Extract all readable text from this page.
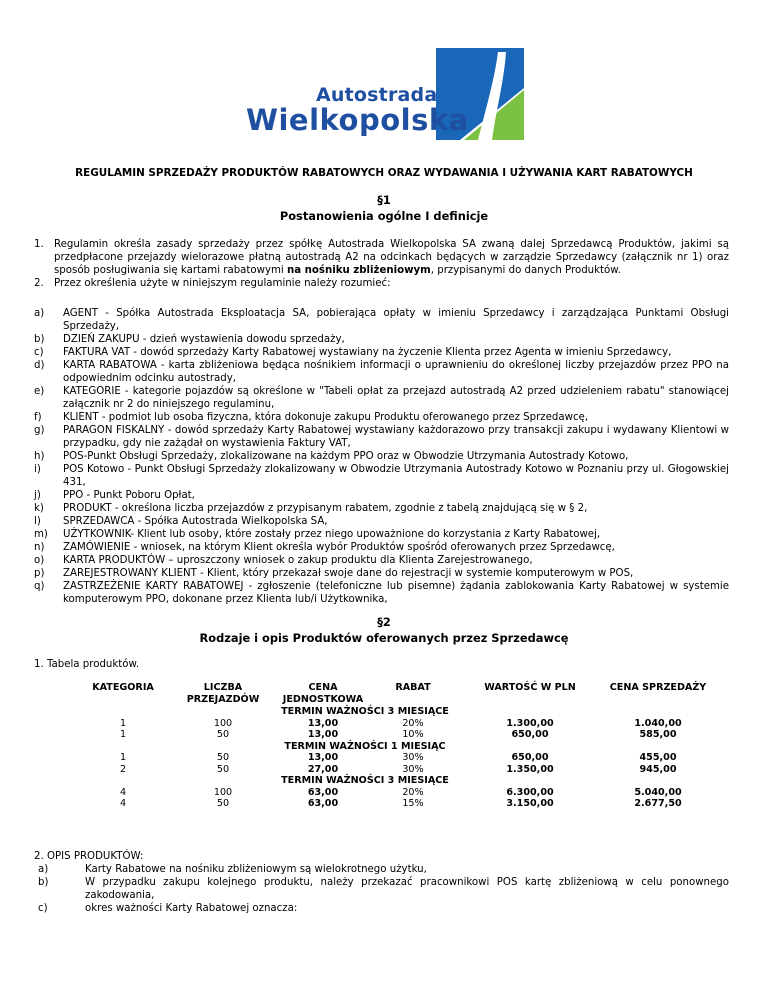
Autostrada
Wielkopolska
REGULAMIN SPRZEDAŻY PRODUKTÓW RABATOWYCH ORAZ WYDAWANIA I UŻYWANIA KART RABATOWYCH
§1
Postanowienia ogólne I definicje
1. Regulamin określa zasady sprzedaży przez spółkę Autostrada Wielkopolska SA zwaną dalej Sprzedawcą Produktów, jakimi są przedpłacone przejazdy wielorazowe płatną autostradą A2 na odcinkach będących w zarządzie Sprzedawcy (załącznik nr 1) oraz sposób posługiwania się kartami rabatowymi na nośniku zbliżeniowym, przypisanymi do danych Produktów.
2. Przez określenia użyte w niniejszym regulaminie należy rozumieć:
a) AGENT - Spółka Autostrada Eksploatacja SA, pobierająca opłaty w imieniu Sprzedawcy i zarządzająca Punktami Obsługi Sprzedaży,
b) DZIEŃ ZAKUPU - dzień wystawienia dowodu sprzedaży,
c) FAKTURA VAT - dowód sprzedaży Karty Rabatowej wystawiany na życzenie Klienta przez Agenta w imieniu Sprzedawcy,
d) KARTA RABATOWA - karta zbliżeniowa będąca nośnikiem informacji o uprawnieniu do określonej liczby przejazdów przez PPO na odpowiednim odcinku autostrady,
e) KATEGORIE - kategorie pojazdów są określone w "Tabeli opłat za przejazd autostradą A2 przed udzieleniem rabatu" stanowiącej załącznik nr 2 do niniejszego regulaminu,
f) KLIENT - podmiot lub osoba fizyczna, która dokonuje zakupu Produktu oferowanego przez Sprzedawcę,
g) PARAGON FISKALNY - dowód sprzedaży Karty Rabatowej wystawiany każdorazowo przy transakcji zakupu i wydawany Klientowi w przypadku, gdy nie zażądał on wystawienia Faktury VAT,
h) POS-Punkt Obsługi Sprzedaży, zlokalizowane na każdym PPO oraz w Obwodzie Utrzymania Autostrady Kotowo,
i) POS Kotowo - Punkt Obsługi Sprzedaży zlokalizowany w Obwodzie Utrzymania Autostrady Kotowo w Poznaniu przy ul. Głogowskiej 431,
j) PPO - Punkt Poboru Opłat,
k) PRODUKT - określona liczba przejazdów z przypisanym rabatem, zgodnie z tabelą znajdującą się w § 2,
l) SPRZEDAWCA - Spółka Autostrada Wielkopolska SA,
m) UŻYTKOWNIK- Klient lub osoby, które zostały przez niego upoważnione do korzystania z Karty Rabatowej,
n) ZAMÓWIENIE - wniosek, na którym Klient określa wybór Produktów spośród oferowanych przez Sprzedawcę,
o) KARTA PRODUKTÓW – uproszczony wniosek o zakup produktu dla Klienta Zarejestrowanego,
p) ZAREJESTROWANY KLIENT - Klient, który przekazał swoje dane do rejestracji w systemie komputerowym w POS,
q) ZASTRZEŻENIE KARTY RABATOWEJ - zgłoszenie (telefoniczne lub pisemne) żądania zablokowania Karty Rabatowej w systemie komputerowym PPO, dokonane przez Klienta lub/i Użytkownika,
§2
Rodzaje i opis Produktów oferowanych przez Sprzedawcę
1. Tabela produktów.
KATEGORIA		LICZBA PRZEJAZDÓW		CENA JEDNOSTKOWA	RABAT		WARTOŚĆ W PLN		CENA SPRZEDAŻY
				TERMIN WAŻNOŚCI 3 MIESIĄCE					
1		100		13,00	20%		1.300,00		1.040,00
1		50		13,00	10%		650,00		585,00
				TERMIN WAŻNOŚCI 1 MIESIĄC					
1		50		13,00	30%		650,00		455,00
2		50		27,00	30%		1.350,00		945,00
				TERMIN WAŻNOŚCI 3 MIESIĄCE					
4		100		63,00	20%		6.300,00		5.040,00
4		50		63,00	15%		3.150,00		2.677,50
2. OPIS PRODUKTÓW:
a)	Karty Rabatowe na nośniku zbliżeniowym są wielokrotnego użytku,
b)	W przypadku zakupu kolejnego produktu, należy przekazać pracownikowi POS kartę zbliżeniową w celu ponownego zakodowania,
c)	okres ważności Karty Rabatowej oznacza:
